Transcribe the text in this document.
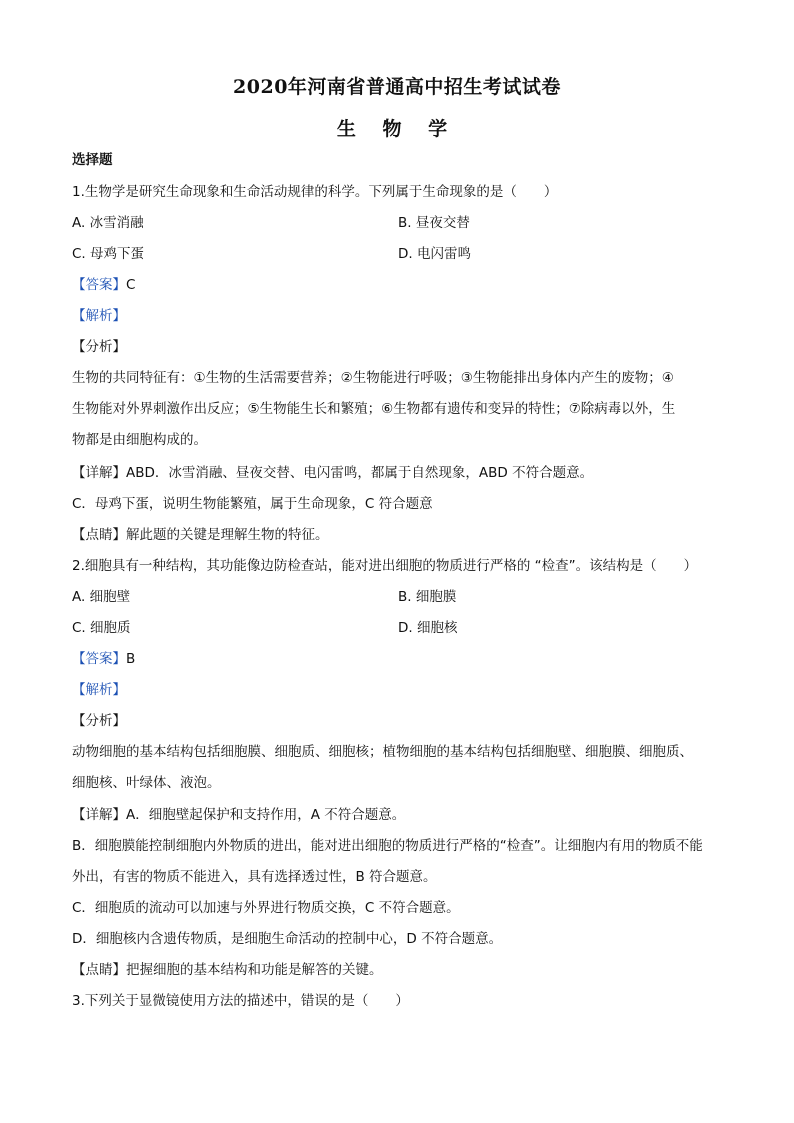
2020年河南省普通高中招生考试试卷
生 物 学
选择题
1.生物学是研究生命现象和生命活动规律的科学。下列属于生命现象的是（　　）
A. 冰雪消融	B. 昼夜交替
C. 母鸡下蛋	D. 电闪雷鸣
【答案】C
【解析】
【分析】
生物的共同特征有：①生物的生活需要营养；②生物能进行呼吸；③生物能排出身体内产生的废物；④
生物能对外界刺激作出反应；⑤生物能生长和繁殖；⑥生物都有遗传和变异的特性；⑦除病毒以外，生
物都是由细胞构成的。
【详解】ABD．冰雪消融、昼夜交替、电闪雷鸣，都属于自然现象，ABD 不符合题意。
C．母鸡下蛋，说明生物能繁殖，属于生命现象，C 符合题意
【点睛】解此题的关键是理解生物的特征。
2.细胞具有一种结构，其功能像边防检查站，能对进出细胞的物质进行严格的 “检查”。该结构是（　　）
A. 细胞壁	B. 细胞膜
C. 细胞质	D. 细胞核
【答案】B
【解析】
【分析】
动物细胞的基本结构包括细胞膜、细胞质、细胞核；植物细胞的基本结构包括细胞壁、细胞膜、细胞质、
细胞核、叶绿体、液泡。
【详解】A．细胞壁起保护和支持作用，A 不符合题意。
B．细胞膜能控制细胞内外物质的进出，能对进出细胞的物质进行严格的“检查”。让细胞内有用的物质不能
外出，有害的物质不能进入，具有选择透过性，B 符合题意。
C．细胞质的流动可以加速与外界进行物质交换，C 不符合题意。
D．细胞核内含遗传物质，是细胞生命活动的控制中心，D 不符合题意。
【点睛】把握细胞的基本结构和功能是解答的关键。
3.下列关于显微镜使用方法的描述中，错误的是（　　）
